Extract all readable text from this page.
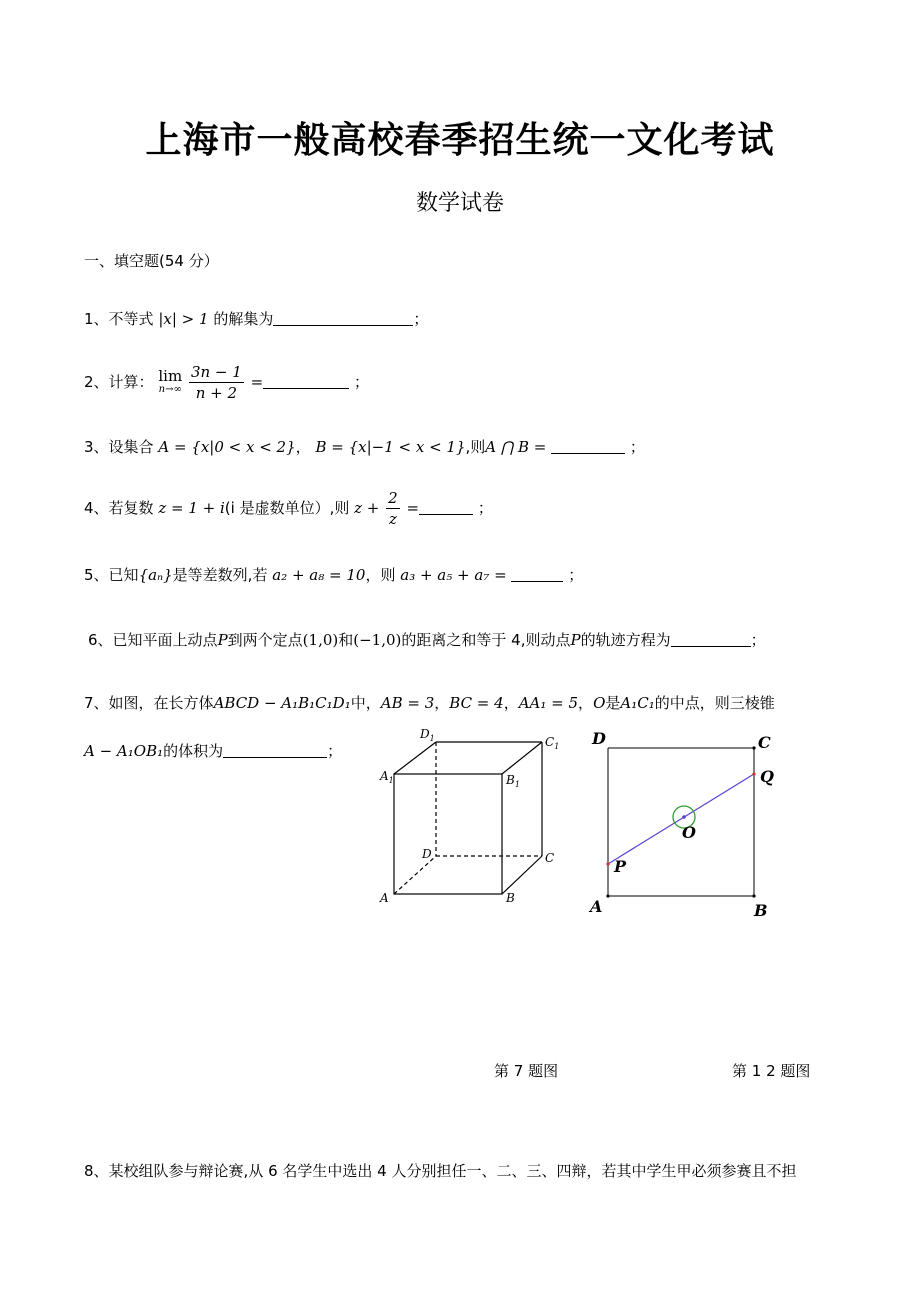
上海市一般高校春季招生统一文化考试
数学试卷
一、填空题(54 分）
1、不等式 |x| > 1 的解集为	；
2、计算： lim
n→∞
$\frac{3n - 1}{n + 2}$ =	；
3、设集合 A = {x|0 < x < 2}， B = {x|−1 < x < 1},则A ⋂ B =	；
4、若复数 z = 1 + i(i 是虚数单位）,则 $z + \frac{2}{z}$ =	；
5、已知{aₙ}是等差数列,若 a₂ + a₈ = 10，则 a₃ + a₅ + a₇ =	；
6、已知平面上动点P到两个定点(1,0)和(−1,0)的距离之和等于 4,则动点P的轨迹方程为	；
7、如图，在长方体ABCD − A₁B₁C₁D₁中，AB = 3，BC = 4，AA₁ = 5，O是A₁C₁的中点，则三棱锥
A − A₁OB₁的体积为	；
$D_1$	$C_1$
$A_1$	$B_1$
D	C
A	B
D	C
Q
O
P
A	B
第 7 题图	第 1 2 题图
8、某校组队参与辩论赛,从 6 名学生中选出 4 人分别担任一、二、三、四辩，若其中学生甲必须参赛且不担
